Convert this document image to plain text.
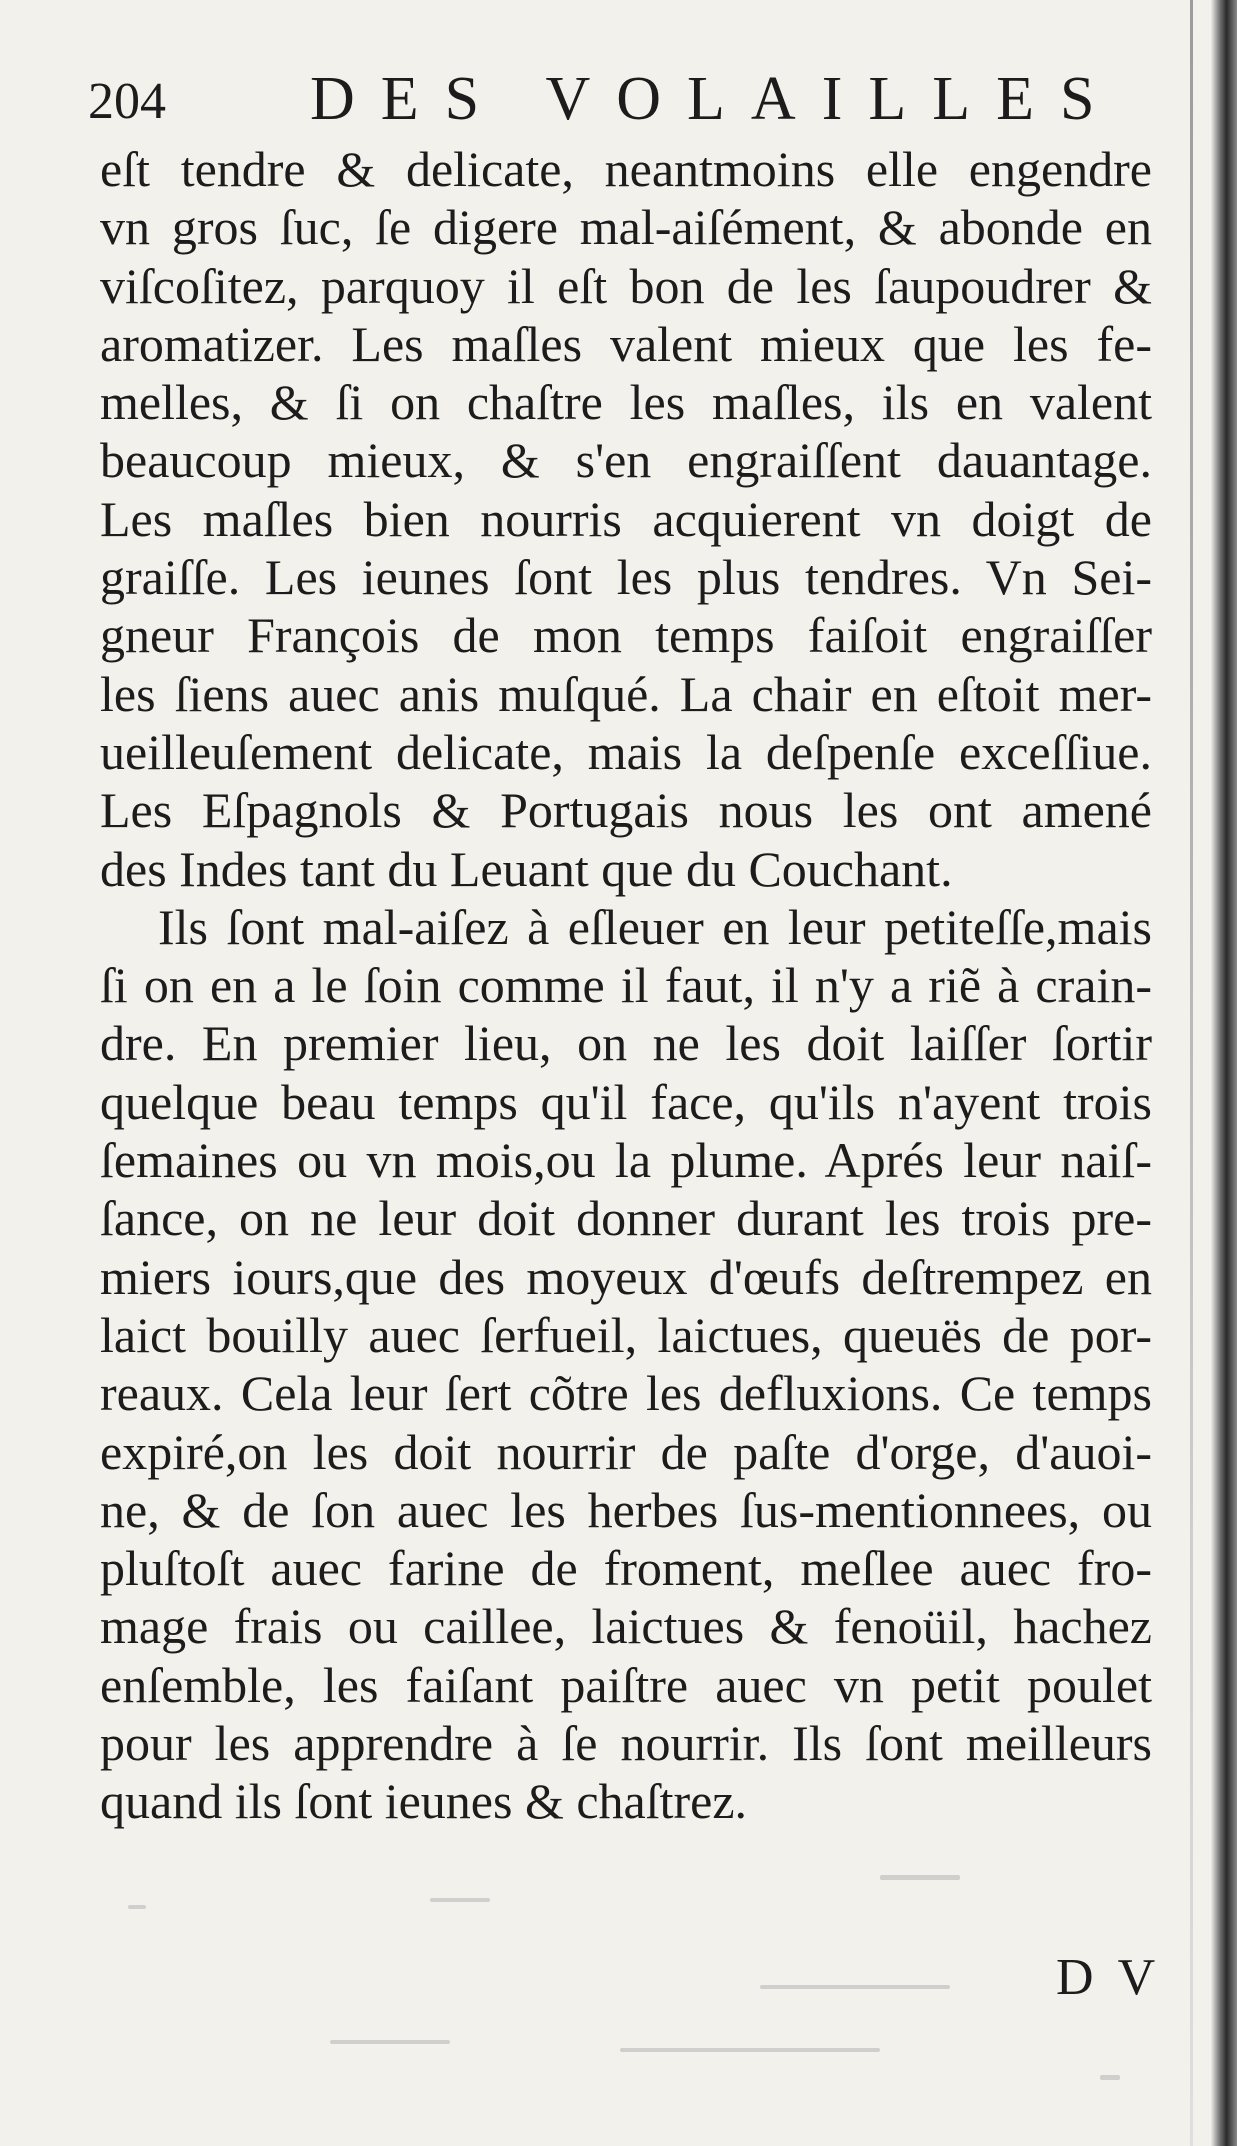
204 DES VOLAILLES
eſt tendre & delicate, neantmoins elle engendre
vn gros ſuc, ſe digere mal-aiſément, & abonde en
viſcoſitez, parquoy il eſt bon de les ſaupoudrer &
aromatizer. Les maſles valent mieux que les fe-
melles, & ſi on chaſtre les maſles, ils en valent
beaucoup mieux, & s'en engraiſſent dauantage.
Les maſles bien nourris acquierent vn doigt de
graiſſe. Les ieunes ſont les plus tendres. Vn Sei-
gneur François de mon temps faiſoit engraiſſer
les ſiens auec anis muſqué. La chair en eſtoit mer-
ueilleuſement delicate, mais la deſpenſe exceſſiue.
Les Eſpagnols & Portugais nous les ont amené
des Indes tant du Leuant que du Couchant.
Ils ſont mal-aiſez à eſleuer en leur petiteſſe,mais
ſi on en a le ſoin comme il faut, il n'y a riẽ à crain-
dre. En premier lieu, on ne les doit laiſſer ſortir
quelque beau temps qu'il face, qu'ils n'ayent trois
ſemaines ou vn mois,ou la plume. Aprés leur naiſ-
ſance, on ne leur doit donner durant les trois pre-
miers iours,que des moyeux d'œufs deſtrempez en
laict bouilly auec ſerfueil, laictues, queuës de por-
reaux. Cela leur ſert cõtre les defluxions. Ce temps
expiré,on les doit nourrir de paſte d'orge, d'auoi-
ne, & de ſon auec les herbes ſus-mentionnees, ou
pluſtoſt auec farine de froment, meſlee auec fro-
mage frais ou caillee, laictues & fenoüil, hachez
enſemble, les faiſant paiſtre auec vn petit poulet
pour les apprendre à ſe nourrir. Ils ſont meilleurs
quand ils ſont ieunes & chaſtrez.
D V
